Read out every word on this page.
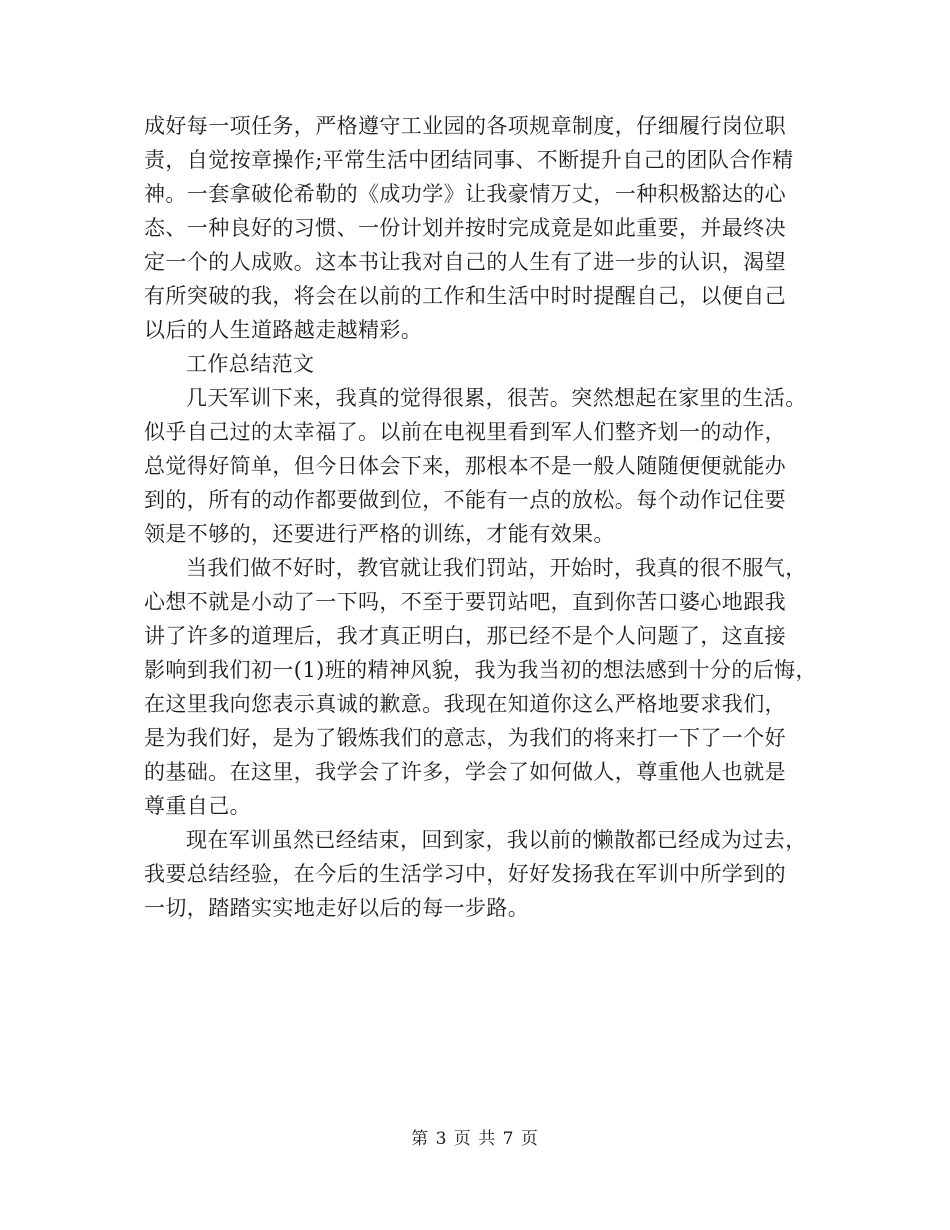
成好每一项任务，严格遵守工业园的各项规章制度，仔细履行岗位职
责，自觉按章操作;平常生活中团结同事、不断提升自己的团队合作精
神。一套拿破伦希勒的《成功学》让我豪情万丈，一种积极豁达的心
态、一种良好的习惯、一份计划并按时完成竟是如此重要，并最终决
定一个的人成败。这本书让我对自己的人生有了进一步的认识，渴望
有所突破的我，将会在以前的工作和生活中时时提醒自己，以便自己
以后的人生道路越走越精彩。
工作总结范文
几天军训下来，我真的觉得很累，很苦。突然想起在家里的生活。
似乎自己过的太幸福了。以前在电视里看到军人们整齐划一的动作，
总觉得好简单，但今日体会下来，那根本不是一般人随随便便就能办
到的，所有的动作都要做到位，不能有一点的放松。每个动作记住要
领是不够的，还要进行严格的训练，才能有效果。
当我们做不好时，教官就让我们罚站，开始时，我真的很不服气，
心想不就是小动了一下吗，不至于要罚站吧，直到你苦口婆心地跟我
讲了许多的道理后，我才真正明白，那已经不是个人问题了，这直接
影响到我们初一(1)班的精神风貌，我为我当初的想法感到十分的后悔，
在这里我向您表示真诚的歉意。我现在知道你这么严格地要求我们，
是为我们好，是为了锻炼我们的意志，为我们的将来打一下了一个好
的基础。在这里，我学会了许多，学会了如何做人，尊重他人也就是
尊重自己。
现在军训虽然已经结束，回到家，我以前的懒散都已经成为过去，
我要总结经验，在今后的生活学习中，好好发扬我在军训中所学到的
一切，踏踏实实地走好以后的每一步路。
第 3 页 共 7 页
